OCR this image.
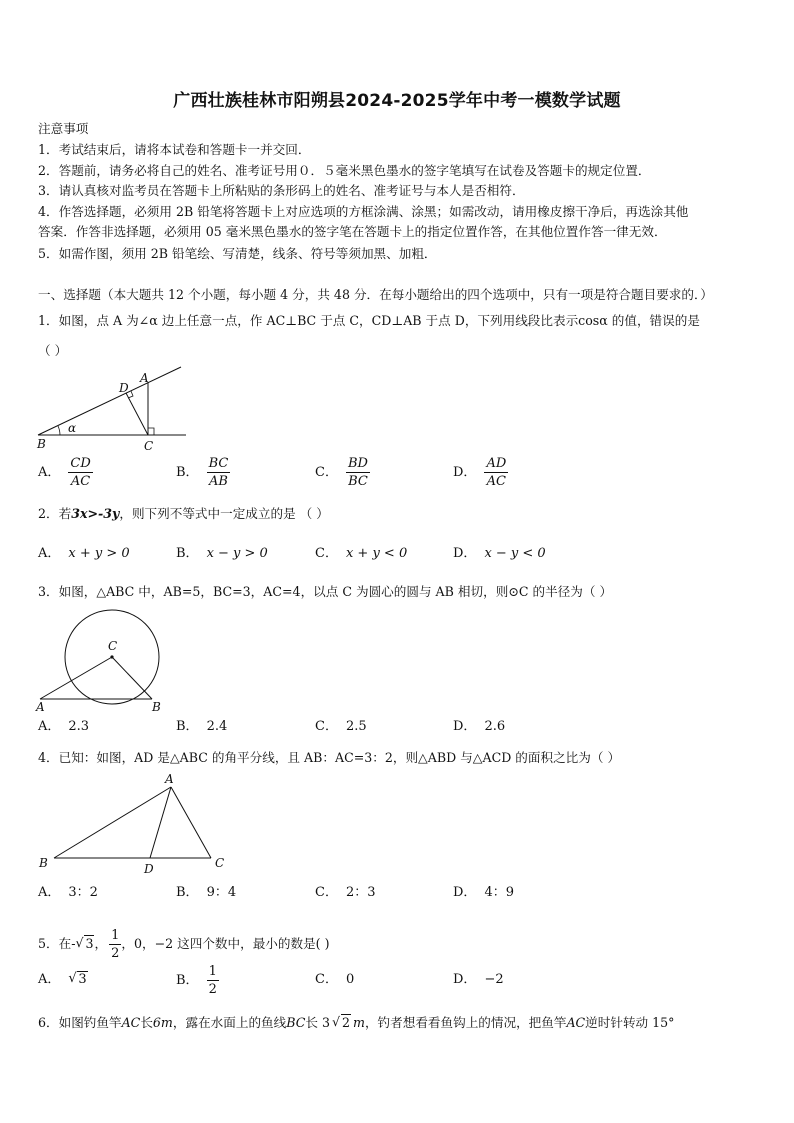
广西壮族桂林市阳朔县2024-2025学年中考一模数学试题
注意事项
1．考试结束后，请将本试卷和答题卡一并交回．
2．答题前，请务必将自己的姓名、准考证号用０．５毫米黑色墨水的签字笔填写在试卷及答题卡的规定位置．
3．请认真核对监考员在答题卡上所粘贴的条形码上的姓名、准考证号与本人是否相符．
4．作答选择题，必须用 2B 铅笔将答题卡上对应选项的方框涂满、涂黑；如需改动，请用橡皮擦干净后，再选涂其他
答案．作答非选择题，必须用 05 毫米黑色墨水的签字笔在答题卡上的指定位置作答，在其他位置作答一律无效．
5．如需作图，须用 2B 铅笔绘、写清楚，线条、符号等须加黑、加粗．
一、选择题（本大题共 12 个小题，每小题 4 分，共 48 分．在每小题给出的四个选项中，只有一项是符合题目要求的．）
1．如图，点 A 为∠α 边上任意一点，作 AC⊥BC 于点 C，CD⊥AB 于点 D，下列用线段比表示cosα 的值，错误的是
（ ）
A
D
B	C
α
A． $\frac{CD}{AC}$	B． $\frac{BC}{AB}$	C． $\frac{BD}{BC}$	D． $\frac{AD}{AC}$
2．若3x>-3y，则下列不等式中一定成立的是 （ ）
A． x + y > 0	B． x − y > 0	C． x + y < 0	D． x − y < 0
3．如图，△ABC 中，AB=5，BC=3，AC=4，以点 C 为圆心的圆与 AB 相切，则⊙C 的半径为（ ）
C
A	B
A． 2.3	B． 2.4	C． 2.5	D． 2.6
4．已知：如图，AD 是△ABC 的角平分线，且 AB：AC=3：2，则△ABD 与△ACD 的面积之比为（ ）
A
B	D	C
A． 3：2	B． 9：4	C． 2：3	D． 4：9
5．在- √ 3， $\frac{1}{2}$ ，0，−2 这四个数中，最小的数是( )
A． √ 3	B． $\frac{1}{2}$	C． 0	D． −2
6．如图钓鱼竿AC长6m，露在水面上的鱼线BC长 3 √ 2 m，钓者想看看鱼钩上的情况，把鱼竿AC逆时针转动 15°
